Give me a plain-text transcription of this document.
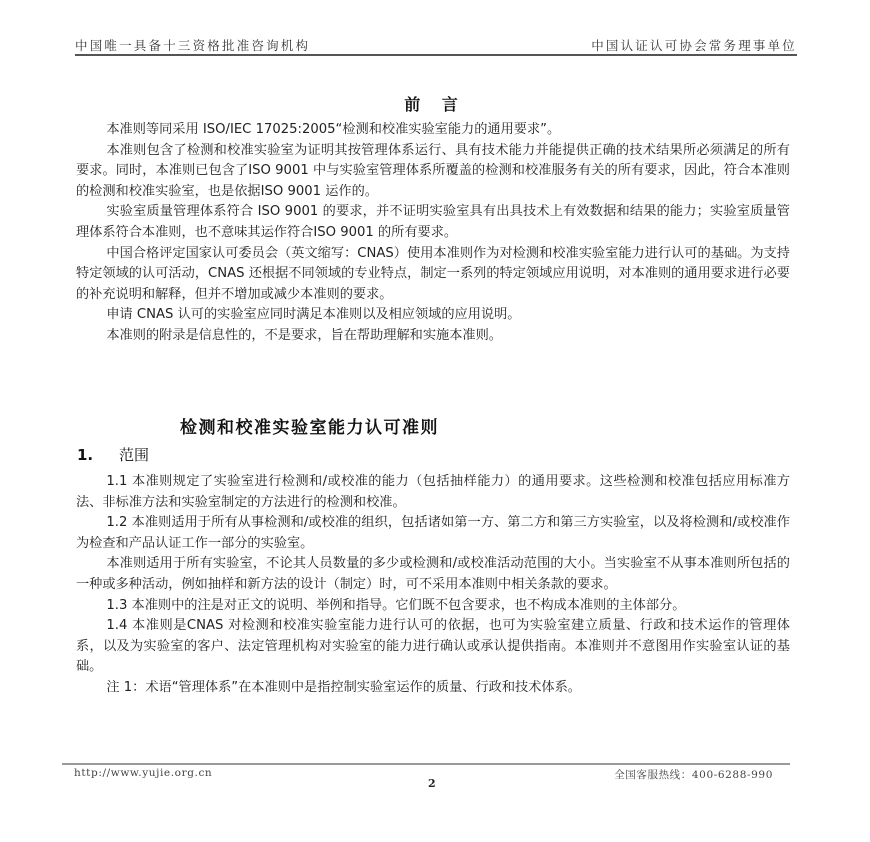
中国唯一具备十三资格批准咨询机构	中国认证认可协会常务理事单位
前 言

本准则等同采用 ISO/IEC 17025:2005“检测和校准实验室能力的通用要求”。

本准则包含了检测和校准实验室为证明其按管理体系运行、具有技术能力并能提供正确的技术结果所必须满足的所有要求。同时，本准则已包含了ISO 9001 中与实验室管理体系所覆盖的检测和校准服务有关的所有要求，因此，符合本准则的检测和校准实验室，也是依据ISO 9001 运作的。

实验室质量管理体系符合 ISO 9001 的要求，并不证明实验室具有出具技术上有效数据和结果的能力；实验室质量管理体系符合本准则，也不意味其运作符合ISO 9001 的所有要求。

中国合格评定国家认可委员会（英文缩写：CNAS）使用本准则作为对检测和校准实验室能力进行认可的基础。为支持特定领域的认可活动，CNAS 还根据不同领域的专业特点，制定一系列的特定领域应用说明，对本准则的通用要求进行必要的补充说明和解释，但并不增加或减少本准则的要求。

申请 CNAS 认可的实验室应同时满足本准则以及相应领域的应用说明。

本准则的附录是信息性的，不是要求，旨在帮助理解和实施本准则。

检测和校准实验室能力认可准则
1. 范围

1.1 本准则规定了实验室进行检测和/或校准的能力（包括抽样能力）的通用要求。这些检测和校准包括应用标准方法、非标准方法和实验室制定的方法进行的检测和校准。

1.2 本准则适用于所有从事检测和/或校准的组织，包括诸如第一方、第二方和第三方实验室，以及将检测和/或校准作为检查和产品认证工作一部分的实验室。

本准则适用于所有实验室，不论其人员数量的多少或检测和/或校准活动范围的大小。当实验室不从事本准则所包括的一种或多种活动，例如抽样和新方法的设计（制定）时，可不采用本准则中相关条款的要求。

1.3 本准则中的注是对正文的说明、举例和指导。它们既不包含要求，也不构成本准则的主体部分。

1.4 本准则是CNAS 对检测和校准实验室能力进行认可的依据，也可为实验室建立质量、行政和技术运作的管理体系，以及为实验室的客户、法定管理机构对实验室的能力进行确认或承认提供指南。本准则并不意图用作实验室认证的基础。

注 1：术语“管理体系”在本准则中是指控制实验室运作的质量、行政和技术体系。

http://www.yujie.org.cn	全国客服热线：400-6288-990
2
